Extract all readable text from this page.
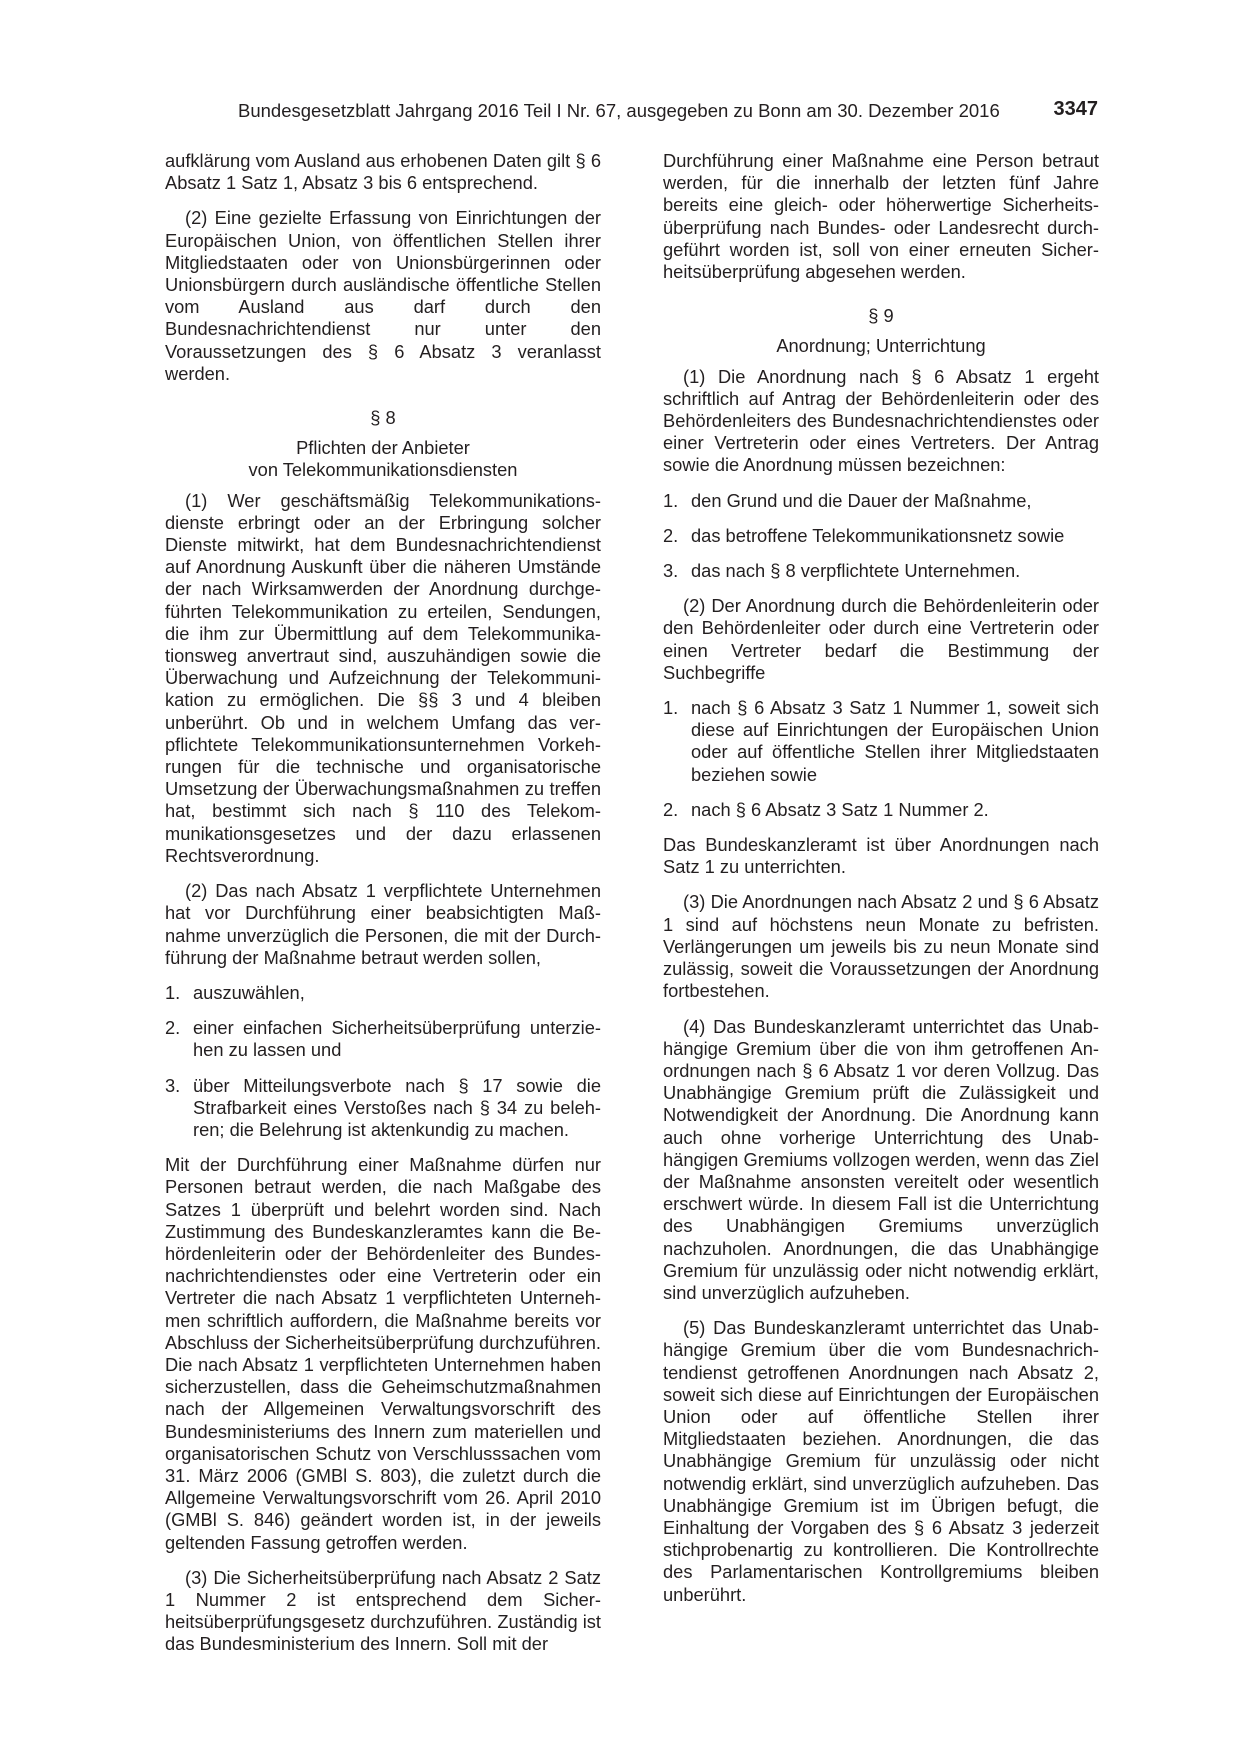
Bundesgesetzblatt Jahrgang 2016 Teil I Nr. 67, ausgegeben zu Bonn am 30. Dezember 2016	3347

aufklärung vom Ausland aus erhobenen Daten gilt § 6 Absatz 1 Satz 1, Absatz 3 bis 6 entsprechend.

(2) Eine gezielte Erfassung von Einrichtungen der Europäischen Union, von öffentlichen Stellen ihrer Mitgliedstaaten oder von Unionsbürgerinnen oder Unionsbürgern durch ausländische öffentliche Stellen vom Ausland aus darf durch den Bundesnachrichtendienst nur unter den Voraussetzungen des § 6 Absatz 3 veranlasst werden.

§ 8
Pflichten der Anbieter
von Telekommunikationsdiensten

(1) Wer geschäftsmäßig Telekommunikationsdienste erbringt oder an der Erbringung solcher Dienste mitwirkt, hat dem Bundesnachrichtendienst auf Anordnung Auskunft über die näheren Umstände der nach Wirksamwerden der Anordnung durchgeführten Telekommunikation zu erteilen, Sendungen, die ihm zur Übermittlung auf dem Telekommunikationsweg anvertraut sind, auszuhändigen sowie die Überwachung und Aufzeichnung der Telekommunikation zu ermöglichen. Die §§ 3 und 4 bleiben unberührt. Ob und in welchem Umfang das verpflichtete Telekommunikationsunternehmen Vorkehrungen für die technische und organisatorische Umsetzung der Überwachungsmaßnahmen zu treffen hat, bestimmt sich nach § 110 des Telekommunikationsgesetzes und der dazu erlassenen Rechtsverordnung.

(2) Das nach Absatz 1 verpflichtete Unternehmen hat vor Durchführung einer beabsichtigten Maßnahme unverzüglich die Personen, die mit der Durchführung der Maßnahme betraut werden sollen,

1. auszuwählen,
2. einer einfachen Sicherheitsüberprüfung unterziehen zu lassen und
3. über Mitteilungsverbote nach § 17 sowie die Strafbarkeit eines Verstoßes nach § 34 zu belehren; die Belehrung ist aktenkundig zu machen.

Mit der Durchführung einer Maßnahme dürfen nur Personen betraut werden, die nach Maßgabe des Satzes 1 überprüft und belehrt worden sind. Nach Zustimmung des Bundeskanzleramtes kann die Behördenleiterin oder der Behördenleiter des Bundesnachrichtendienstes oder eine Vertreterin oder ein Vertreter die nach Absatz 1 verpflichteten Unternehmen schriftlich auffordern, die Maßnahme bereits vor Abschluss der Sicherheitsüberprüfung durchzuführen. Die nach Absatz 1 verpflichteten Unternehmen haben sicherzustellen, dass die Geheimschutzmaßnahmen nach der Allgemeinen Verwaltungsvorschrift des Bundesministeriums des Innern zum materiellen und organisatorischen Schutz von Verschlusssachen vom 31. März 2006 (GMBl S. 803), die zuletzt durch die Allgemeine Verwaltungsvorschrift vom 26. April 2010 (GMBl S. 846) geändert worden ist, in der jeweils geltenden Fassung getroffen werden.

(3) Die Sicherheitsüberprüfung nach Absatz 2 Satz 1 Nummer 2 ist entsprechend dem Sicherheitsüberprüfungsgesetz durchzuführen. Zuständig ist das Bundesministerium des Innern. Soll mit der

Durchführung einer Maßnahme eine Person betraut werden, für die innerhalb der letzten fünf Jahre bereits eine gleich- oder höherwertige Sicherheitsüberprüfung nach Bundes- oder Landesrecht durchgeführt worden ist, soll von einer erneuten Sicherheitsüberprüfung abgesehen werden.

§ 9
Anordnung; Unterrichtung

(1) Die Anordnung nach § 6 Absatz 1 ergeht schriftlich auf Antrag der Behördenleiterin oder des Behördenleiters des Bundesnachrichtendienstes oder einer Vertreterin oder eines Vertreters. Der Antrag sowie die Anordnung müssen bezeichnen:

1. den Grund und die Dauer der Maßnahme,
2. das betroffene Telekommunikationsnetz sowie
3. das nach § 8 verpflichtete Unternehmen.

(2) Der Anordnung durch die Behördenleiterin oder den Behördenleiter oder durch eine Vertreterin oder einen Vertreter bedarf die Bestimmung der Suchbegriffe

1. nach § 6 Absatz 3 Satz 1 Nummer 1, soweit sich diese auf Einrichtungen der Europäischen Union oder auf öffentliche Stellen ihrer Mitgliedstaaten beziehen sowie
2. nach § 6 Absatz 3 Satz 1 Nummer 2.

Das Bundeskanzleramt ist über Anordnungen nach Satz 1 zu unterrichten.

(3) Die Anordnungen nach Absatz 2 und § 6 Absatz 1 sind auf höchstens neun Monate zu befristen. Verlängerungen um jeweils bis zu neun Monate sind zulässig, soweit die Voraussetzungen der Anordnung fortbestehen.

(4) Das Bundeskanzleramt unterrichtet das Unabhängige Gremium über die von ihm getroffenen Anordnungen nach § 6 Absatz 1 vor deren Vollzug. Das Unabhängige Gremium prüft die Zulässigkeit und Notwendigkeit der Anordnung. Die Anordnung kann auch ohne vorherige Unterrichtung des Unabhängigen Gremiums vollzogen werden, wenn das Ziel der Maßnahme ansonsten vereitelt oder wesentlich erschwert würde. In diesem Fall ist die Unterrichtung des Unabhängigen Gremiums unverzüglich nachzuholen. Anordnungen, die das Unabhängige Gremium für unzulässig oder nicht notwendig erklärt, sind unverzüglich aufzuheben.

(5) Das Bundeskanzleramt unterrichtet das Unabhängige Gremium über die vom Bundesnachrichtendienst getroffenen Anordnungen nach Absatz 2, soweit sich diese auf Einrichtungen der Europäischen Union oder auf öffentliche Stellen ihrer Mitgliedstaaten beziehen. Anordnungen, die das Unabhängige Gremium für unzulässig oder nicht notwendig erklärt, sind unverzüglich aufzuheben. Das Unabhängige Gremium ist im Übrigen befugt, die Einhaltung der Vorgaben des § 6 Absatz 3 jederzeit stichprobenartig zu kontrollieren. Die Kontrollrechte des Parlamentarischen Kontrollgremiums bleiben unberührt.
